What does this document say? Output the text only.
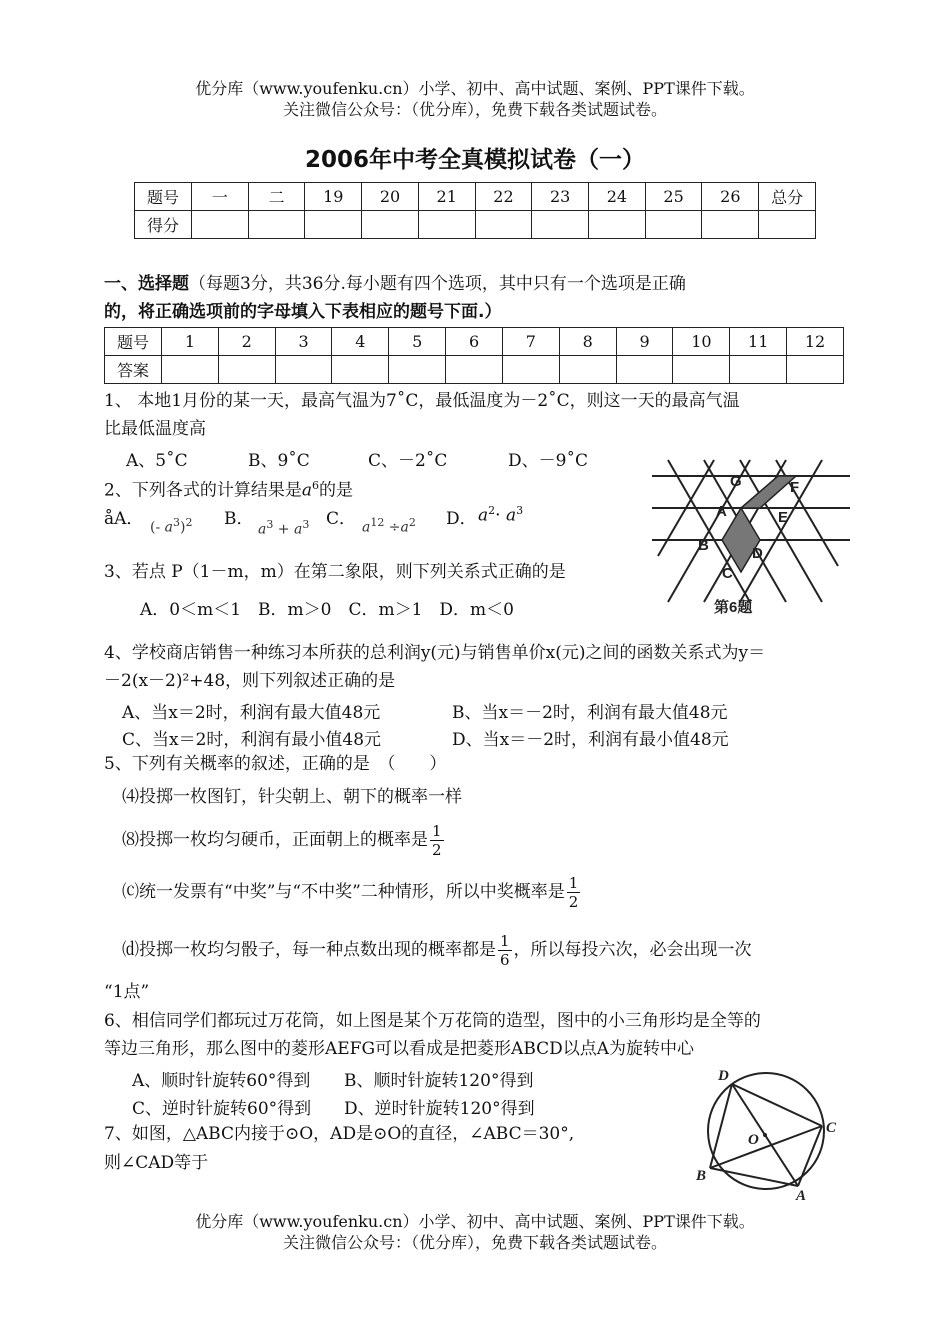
优分库（www.youfenku.cn）小学、初中、高中试题、案例、PPT课件下载。
关注微信公众号：（优分库），免费下载各类试题试卷。
2006年中考全真模拟试卷（一）
题号	一	二	19	20	21	22	23	24	25	26	总分
得分											
一、选择题（每题3分，共36分.每小题有四个选项，其中只有一个选项是正确
的，将正确选项前的字母填入下表相应的题号下面.）
题号	1	2	3	4	5	6	7	8	9	10	11	12
答案												
1、 本地1月份的某一天，最高气温为7˚C，最低温度为－2˚C，则这一天的最高气温
比最低温度高
A、5˚C	B、9˚C	C、－2˚C	D、－9˚C
2、下列各式的计算结果是$a^6$的是
åA． (- $a^3)^2$ B．
$a^3 + a^3$ C． $a^{12} \div a^2$ D． $a^2\cdot a^3$
3、若点 P（1－m，m）在第二象限，则下列关系式正确的是
A．0＜m＜1　B．m＞0　C．m＞1　D．m＜0
G	F
A	E
B	D
C
第6题
4、学校商店销售一种练习本所获的总利润y(元)与销售单价x(元)之间的函数关系式为y＝
－2(x－2)²+48，则下列叙述正确的是
A、当x＝2时，利润有最大值48元	B、当x＝－2时，利润有最大值48元
C、当x＝2时，利润有最小值48元	D、当x＝－2时，利润有最小值48元
5、下列有关概率的叙述，正确的是　（　　）
⑷投掷一枚图钉，针尖朝上、朝下的概率一样
⑻投掷一枚均匀硬币，正面朝上的概率是 $\frac{1}{2}$
⒞统一发票有“中奖”与“不中奖”二种情形，所以中奖概率是 $\frac{1}{2}$
⒟投掷一枚均匀骰子，每一种点数出现的概率都是 $\frac{1}{6}$ ，所以每投六次，必会出现一次
“1点”
6、相信同学们都玩过万花筒，如上图是某个万花筒的造型，图中的小三角形均是全等的
等边三角形，那么图中的菱形AEFG可以看成是把菱形ABCD以点A为旋转中心
A、顺时针旋转60°得到 B、顺时针旋转120°得到
C、逆时针旋转60°得到 D、逆时针旋转120°得到
7、如图，△ABC内接于⊙O，AD是⊙O的直径，∠ABC＝30°,
则∠CAD等于
D
C
O
B
A
优分库（www.youfenku.cn）小学、初中、高中试题、案例、PPT课件下载。
关注微信公众号：（优分库），免费下载各类试题试卷。
